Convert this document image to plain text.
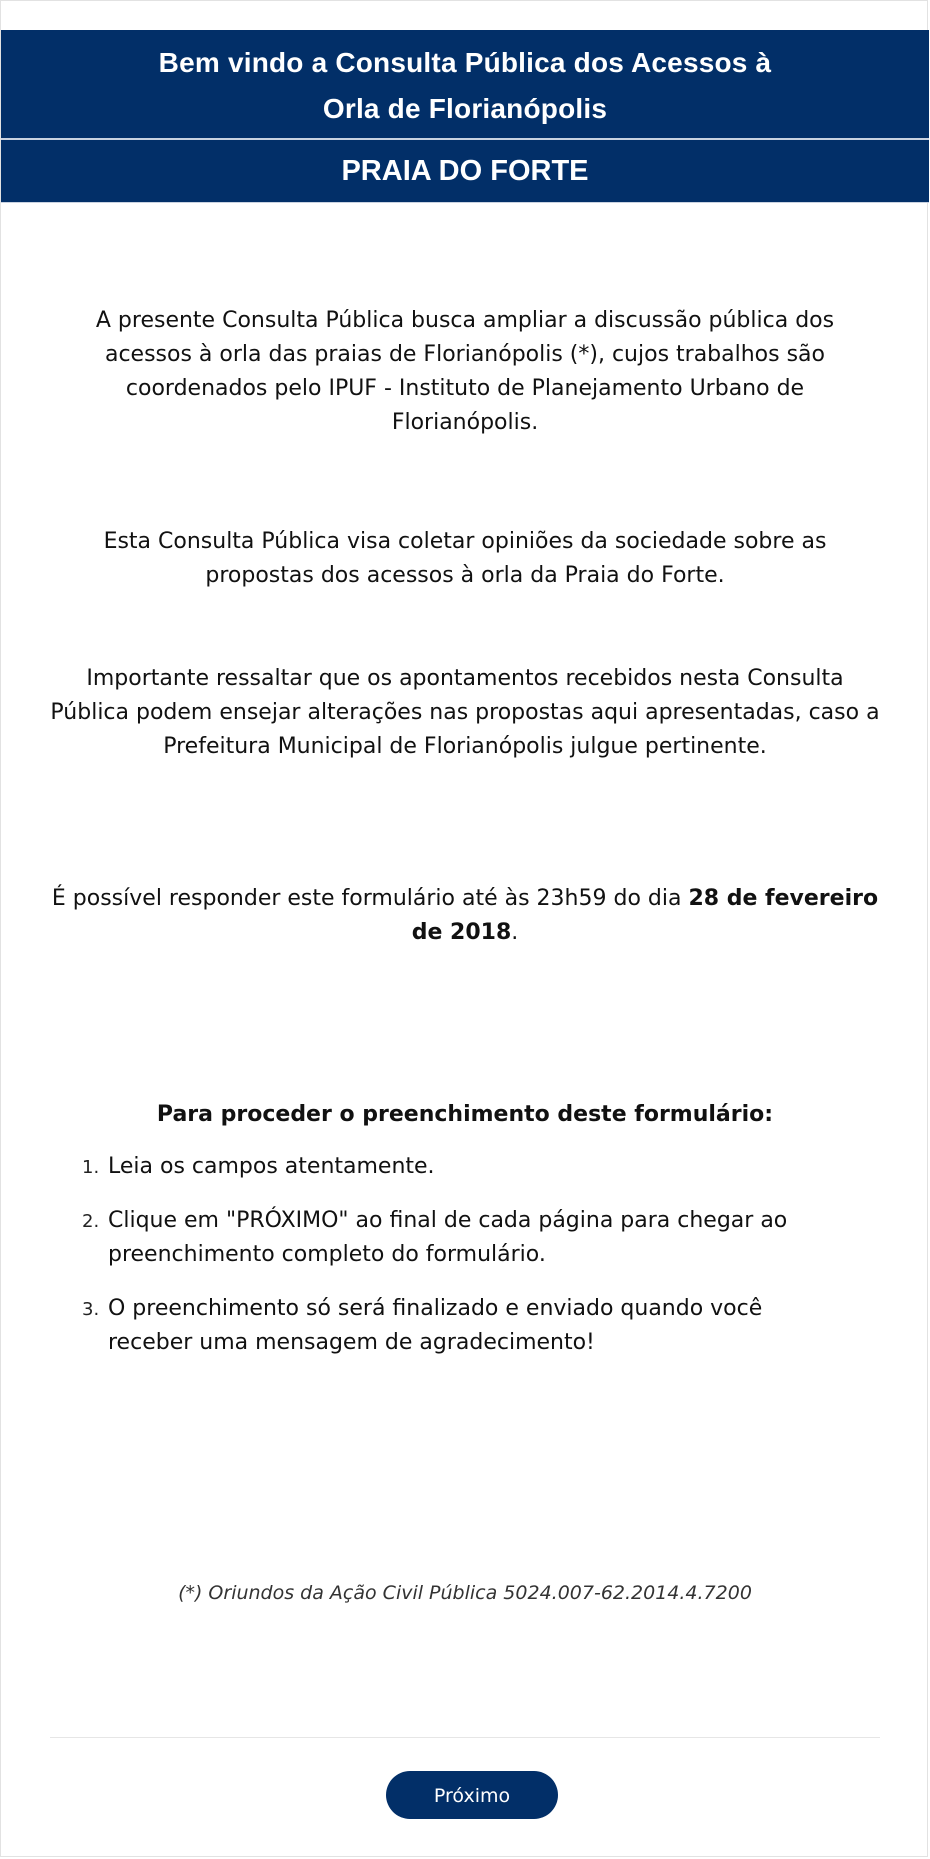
Bem vindo a Consulta Pública dos Acessos à
Orla de Florianópolis
PRAIA DO FORTE

A presente Consulta Pública busca ampliar a discussão pública dos acessos à orla das praias de Florianópolis (*), cujos trabalhos são coordenados pelo IPUF - Instituto de Planejamento Urbano de Florianópolis.

Esta Consulta Pública visa coletar opiniões da sociedade sobre as propostas dos acessos à orla da Praia do Forte.

Importante ressaltar que os apontamentos recebidos nesta Consulta Pública podem ensejar alterações nas propostas aqui apresentadas, caso a Prefeitura Municipal de Florianópolis julgue pertinente.

É possível responder este formulário até às 23h59 do dia 28 de fevereiro de 2018.

Para proceder o preenchimento deste formulário:
1. Leia os campos atentamente.
2. Clique em "PRÓXIMO" ao final de cada página para chegar ao preenchimento completo do formulário.
3. O preenchimento só será finalizado e enviado quando você receber uma mensagem de agradecimento!
(*) Oriundos da Ação Civil Pública 5024.007-62.2014.4.7200
Próximo
